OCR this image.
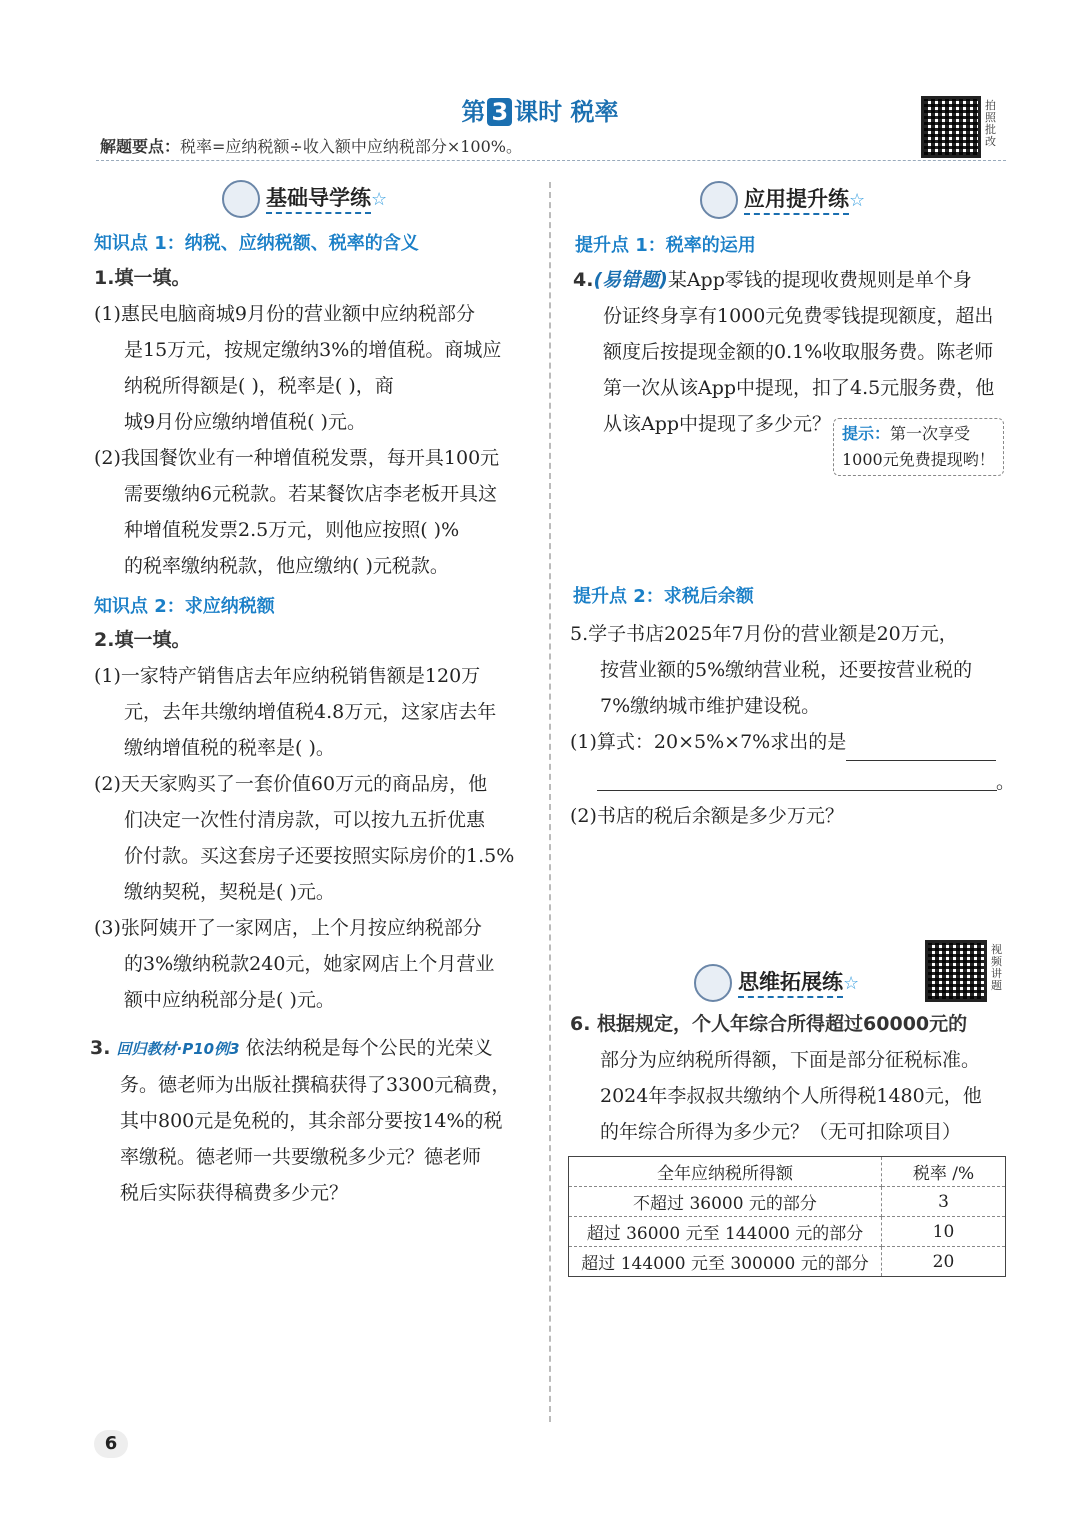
第 3 课时 税率
解题要点：税率=应纳税额÷收入额中应纳税部分×100%。
拍照批改
基础导学练☆
知识点 1：纳税、应纳税额、税率的含义
1.填一填。
(1)惠民电脑商城9月份的营业额中应纳税部分
是15万元，按规定缴纳3%的增值税。商城应
纳税所得额是( )，税率是( )，商
城9月份应缴纳增值税( )元。
(2)我国餐饮业有一种增值税发票，每开具100元
需要缴纳6元税款。若某餐饮店李老板开具这
种增值税发票2.5万元，则他应按照( )%
的税率缴纳税款，他应缴纳( )元税款。
知识点 2：求应纳税额
2.填一填。
(1)一家特产销售店去年应纳税销售额是120万
元，去年共缴纳增值税4.8万元，这家店去年
缴纳增值税的税率是( )。
(2)天天家购买了一套价值60万元的商品房，他
们决定一次性付清房款，可以按九五折优惠
价付款。买这套房子还要按照实际房价的1.5%
缴纳契税，契税是( )元。
(3)张阿姨开了一家网店，上个月按应纳税部分
的3%缴纳税款240元，她家网店上个月营业
额中应纳税部分是( )元。
3. 回归教材·P10例3 依法纳税是每个公民的光荣义
务。德老师为出版社撰稿获得了3300元稿费，
其中800元是免税的，其余部分要按14%的税
率缴税。德老师一共要缴税多少元？德老师
税后实际获得稿费多少元？
应用提升练☆
提升点 1：税率的运用
4.(易错题)某App零钱的提现收费规则是单个身
份证终身享有1000元免费零钱提现额度，超出
额度后按提现金额的0.1%收取服务费。陈老师
第一次从该App中提现，扣了4.5元服务费，他
从该App中提现了多少元？ 提示：第一次享受
1000元免费提现哟！
提升点 2：求税后余额
5.学子书店2025年7月份的营业额是20万元，
按营业额的5%缴纳营业税，还要按营业税的
7%缴纳城市维护建设税。
(1)算式：20×5%×7%求出的是
。
(2)书店的税后余额是多少万元？
思维拓展练☆
视频讲题
6. 根据规定，个人年综合所得超过60000元的
部分为应纳税所得额，下面是部分征税标准。
2024年李叔叔共缴纳个人所得税1480元，他
的年综合所得为多少元？（无可扣除项目）
全年应纳税所得额	税率 /%
不超过 36000 元的部分	3
超过 36000 元至 144000 元的部分	10
超过 144000 元至 300000 元的部分	20
6
